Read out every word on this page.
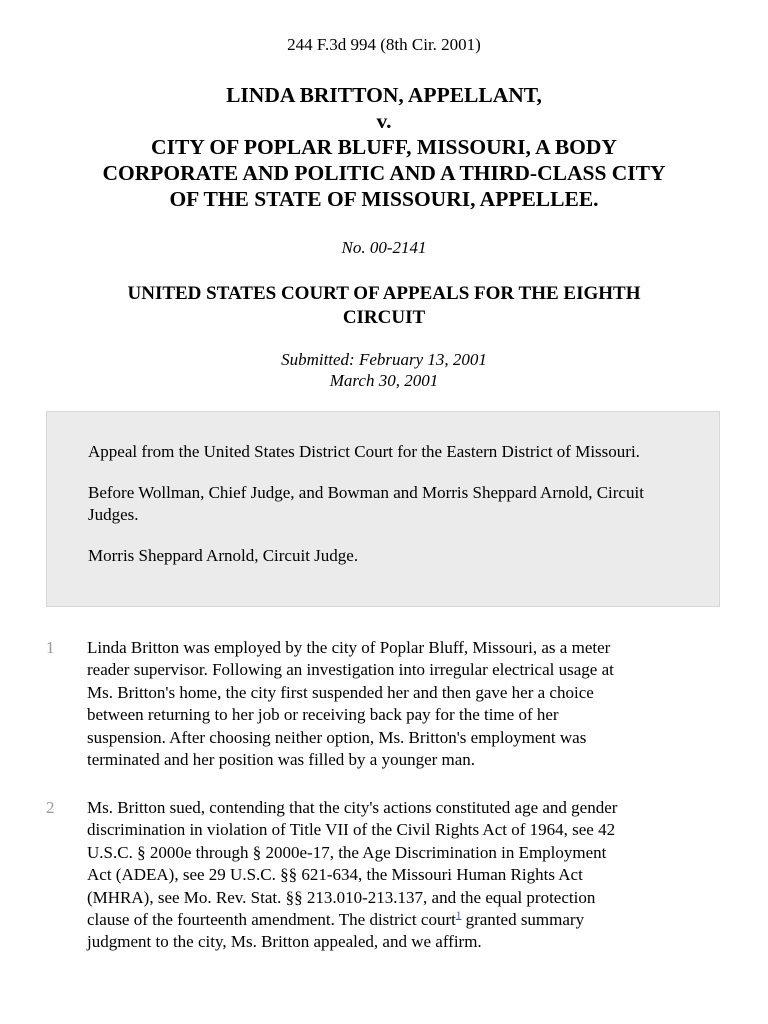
244 F.3d 994 (8th Cir. 2001)
LINDA BRITTON, APPELLANT,
v.
CITY OF POPLAR BLUFF, MISSOURI, A BODY
CORPORATE AND POLITIC AND A THIRD-CLASS CITY
OF THE STATE OF MISSOURI, APPELLEE.
No. 00-2141
UNITED STATES COURT OF APPEALS FOR THE EIGHTH
CIRCUIT
Submitted: February 13, 2001
March 30, 2001

Appeal from the United States District Court for the Eastern District of Missouri.

Before Wollman, Chief Judge, and Bowman and Morris Sheppard Arnold, Circuit Judges.

Morris Sheppard Arnold, Circuit Judge.

1 Linda Britton was employed by the city of Poplar Bluff, Missouri, as a meter
reader supervisor. Following an investigation into irregular electrical usage at
Ms. Britton's home, the city first suspended her and then gave her a choice
between returning to her job or receiving back pay for the time of her
suspension. After choosing neither option, Ms. Britton's employment was
terminated and her position was filled by a younger man.
2 Ms. Britton sued, contending that the city's actions constituted age and gender
discrimination in violation of Title VII of the Civil Rights Act of 1964, see 42
U.S.C. § 2000e through § 2000e-17, the Age Discrimination in Employment
Act (ADEA), see 29 U.S.C. §§ 621-634, the Missouri Human Rights Act
(MHRA), see Mo. Rev. Stat. §§ 213.010-213.137, and the equal protection
clause of the fourteenth amendment. The district court$^1$ granted summary
judgment to the city, Ms. Britton appealed, and we affirm.
